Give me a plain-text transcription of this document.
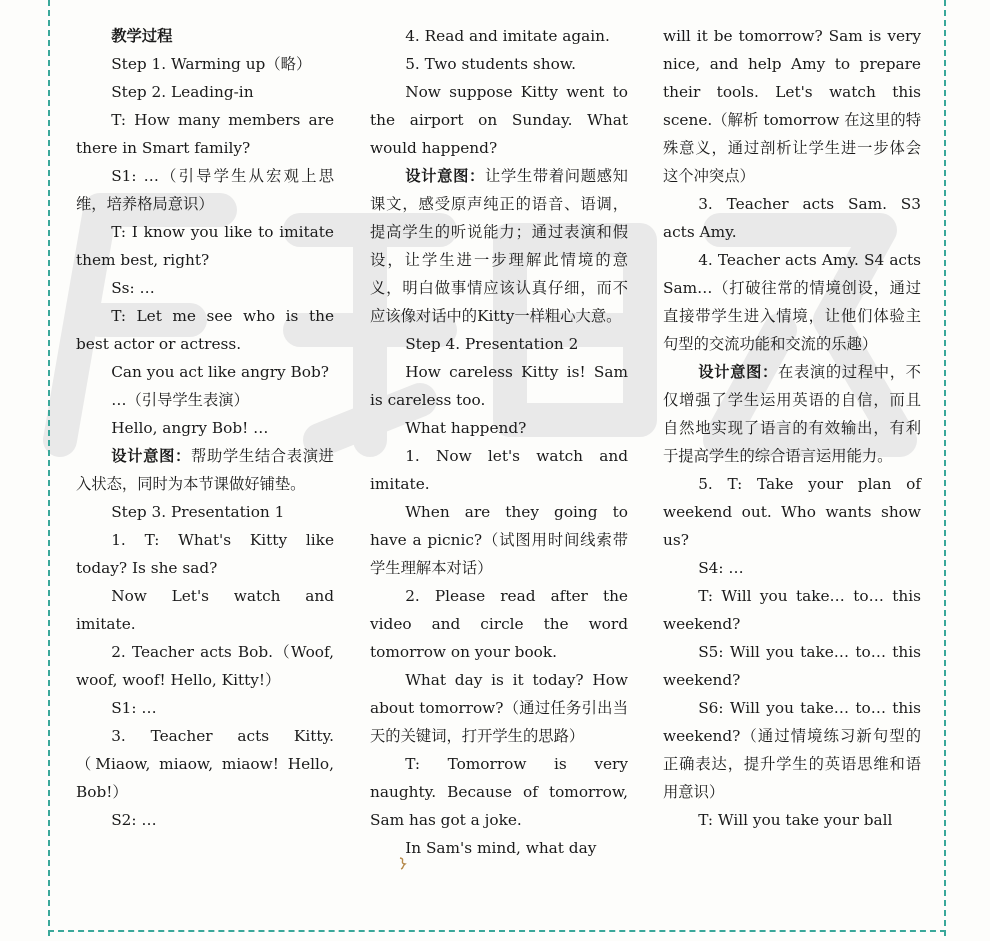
教学过程

Step 1. Warming up（略）

Step 2. Leading-in

T: How many members are there in Smart family?

S1: …（引导学生从宏观上思维，培养格局意识）

T: I know you like to imitate them best, right?

Ss: …

T: Let me see who is the best actor or actress.

Can you act like angry Bob?

…（引导学生表演）

Hello, angry Bob! …

设计意图：帮助学生结合表演进入状态，同时为本节课做好铺垫。

Step 3. Presentation 1

1. T: What's Kitty like today? Is she sad?

Now Let's watch and imitate.

2. Teacher acts Bob.（Woof, woof, woof! Hello, Kitty!）

S1: …

3. Teacher acts Kitty.（Miaow, miaow, miaow! Hello, Bob!）

S2: …

4. Read and imitate again.

5. Two students show.

Now suppose Kitty went to the airport on Sunday. What would happend?

设计意图：让学生带着问题感知课文，感受原声纯正的语音、语调，提高学生的听说能力；通过表演和假设，让学生进一步理解此情境的意义，明白做事情应该认真仔细，而不应该像对话中的Kitty一样粗心大意。

Step 4. Presentation 2

How careless Kitty is! Sam is careless too.

What happend?

1. Now let's watch and imitate.

When are they going to have a picnic?（试图用时间线索带学生理解本对话）

2. Please read after the video and circle the word tomorrow on your book.

What day is it today? How about tomorrow?（通过任务引出当天的关键词，打开学生的思路）

T: Tomorrow is very naughty. Because of tomorrow, Sam has got a joke.

In Sam's mind, what day

will it be tomorrow? Sam is very nice, and help Amy to prepare their tools. Let's watch this scene.（解析 tomorrow 在这里的特殊意义，通过剖析让学生进一步体会这个冲突点）

3. Teacher acts Sam. S3 acts Amy.

4. Teacher acts Amy. S4 acts Sam…（打破往常的情境创设，通过直接带学生进入情境，让他们体验主句型的交流功能和交流的乐趣）

设计意图：在表演的过程中，不仅增强了学生运用英语的自信，而且自然地实现了语言的有效输出，有利于提高学生的综合语言运用能力。

5. T: Take your plan of weekend out. Who wants show us?

S4: …

T: Will you take… to… this weekend?

S5: Will you take… to… this weekend?

S6: Will you take… to… this weekend?（通过情境练习新句型的正确表达，提升学生的英语思维和语用意识）

T: Will you take your ball
